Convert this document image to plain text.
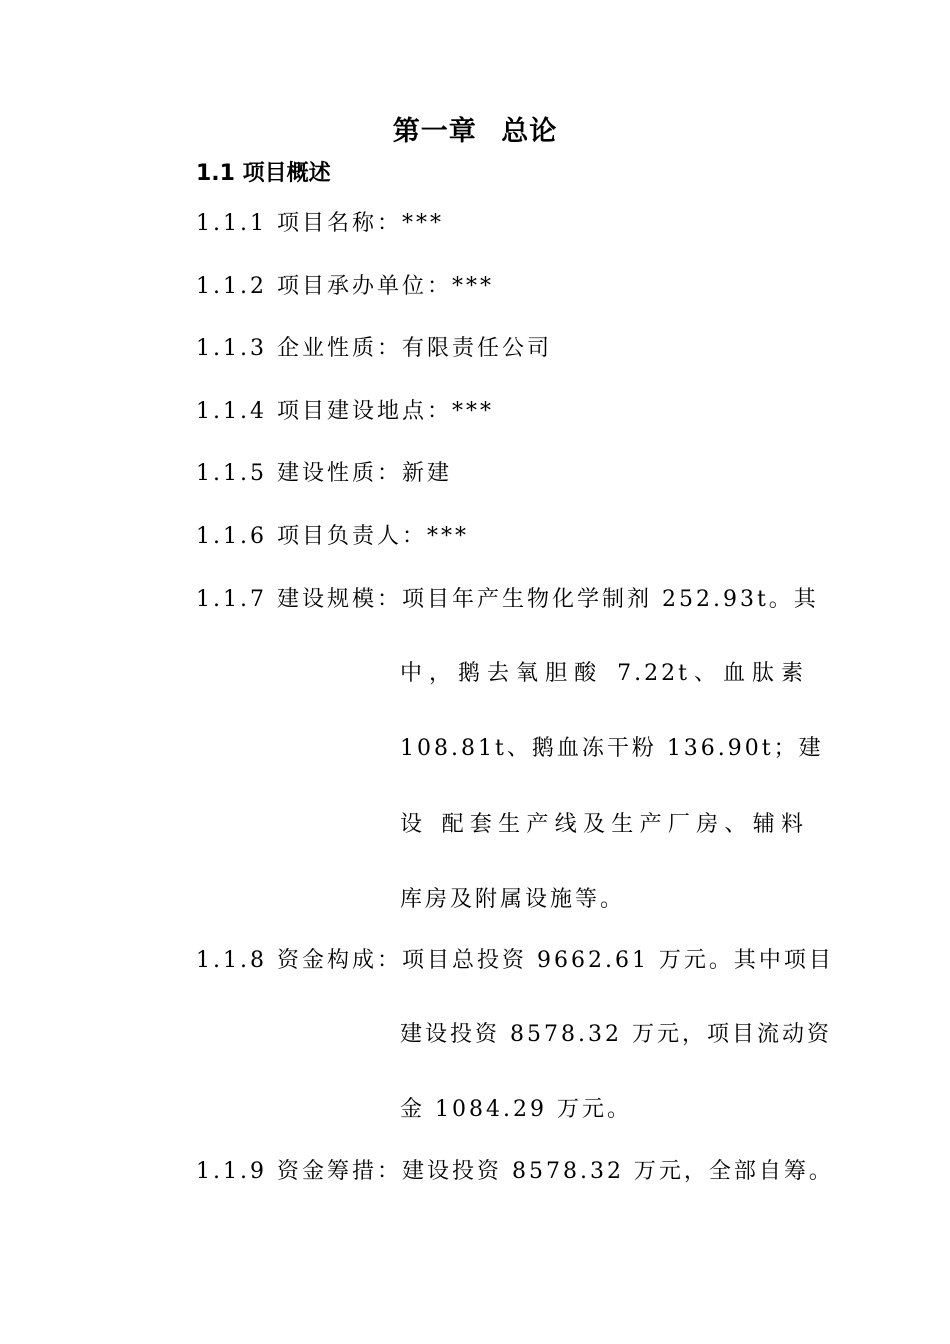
第一章 总论
1.1 项目概述
1.1.1 项目名称：***
1.1.2 项目承办单位：***
1.1.3 企业性质：有限责任公司
1.1.4 项目建设地点：***
1.1.5 建设性质：新建
1.1.6 项目负责人：***
1.1.7 建设规模：项目年产生物化学制剂 252.93t。其
中，鹅去氧胆酸 7.22t、血肽素
108.81t、鹅血冻干粉 136.90t；建
设 配套生产线及生产厂房、辅料
库房及附属设施等。
1.1.8 资金构成：项目总投资 9662.61 万元。其中项目
建设投资 8578.32 万元，项目流动资
金 1084.29 万元。
1.1.9 资金筹措：建设投资 8578.32 万元，全部自筹。
